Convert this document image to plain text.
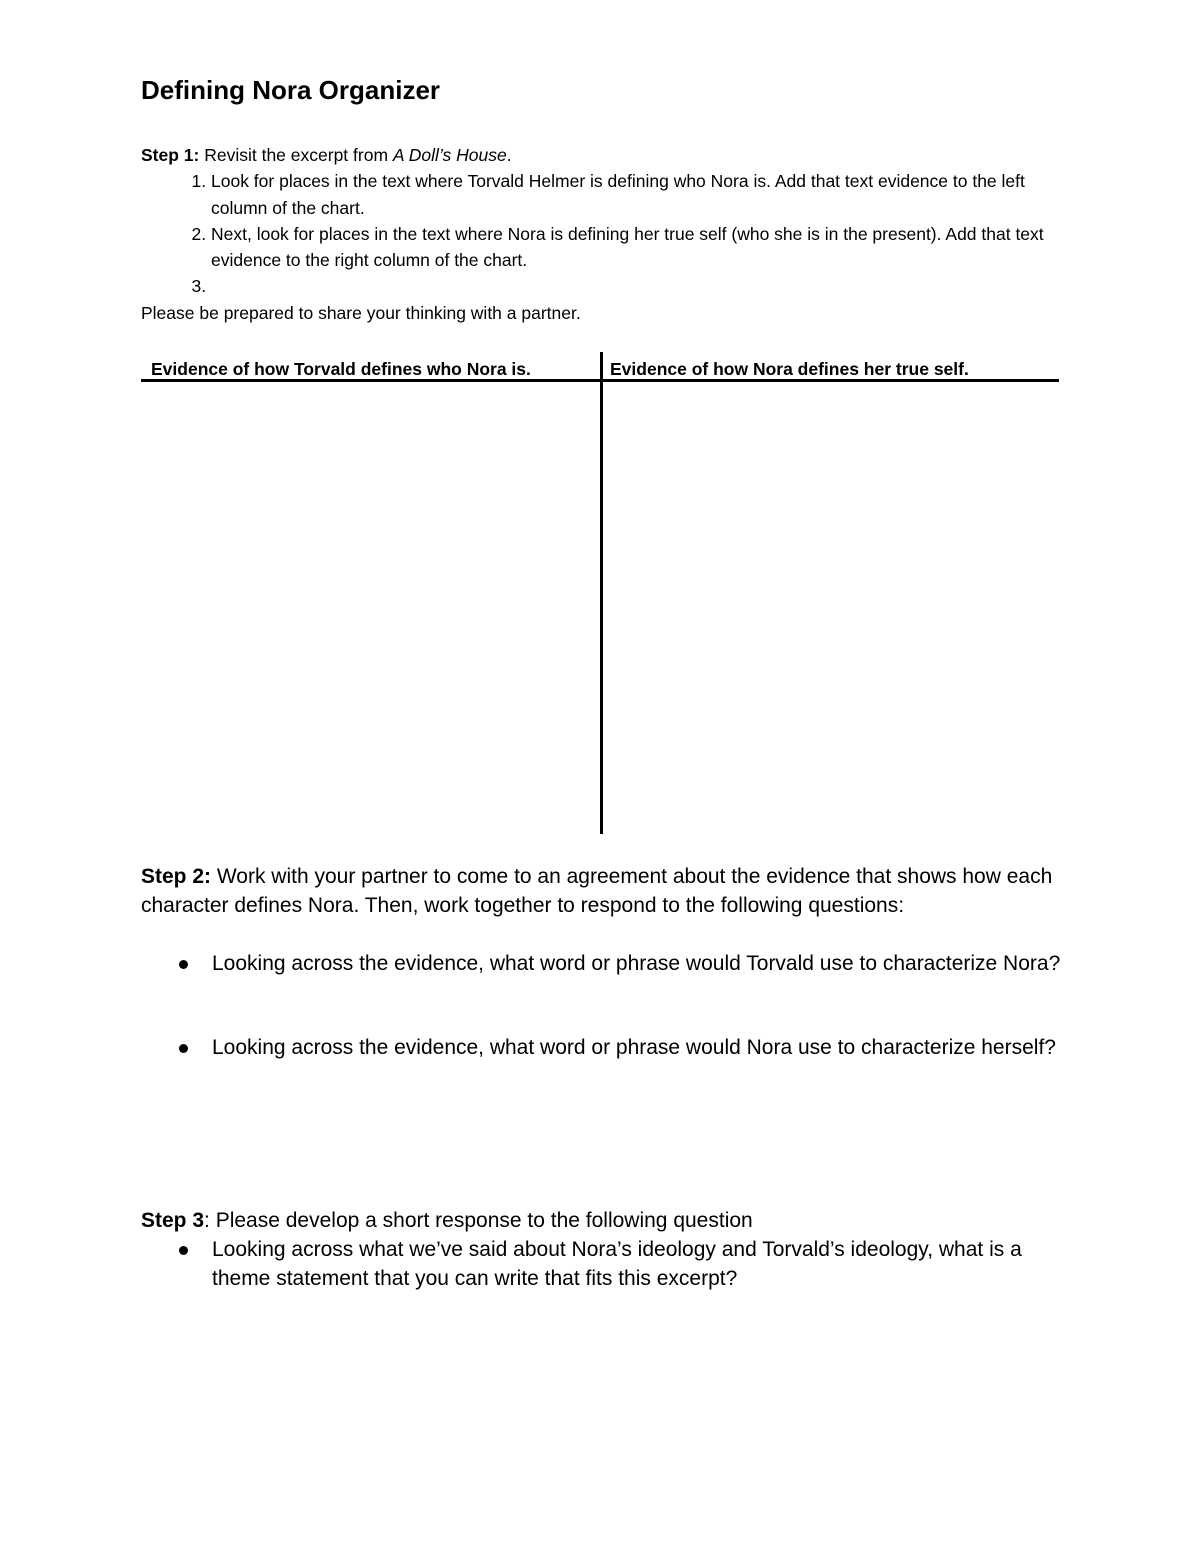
Defining Nora Organizer

Step 1: Revisit the excerpt from A Doll’s House.

1. Look for places in the text where Torvald Helmer is defining who Nora is. Add that text evidence to the left column of the chart.
2. Next, look for places in the text where Nora is defining her true self (who she is in the present). Add that text evidence to the right column of the chart.
3.

Please be prepared to share your thinking with a partner.

Evidence of how Torvald defines who Nora is.	Evidence of how Nora defines her true self.

Step 2: Work with your partner to come to an agreement about the evidence that shows how each character defines Nora. Then, work together to respond to the following questions:

Looking across the evidence, what word or phrase would Torvald use to characterize Nora?
Looking across the evidence, what word or phrase would Nora use to characterize herself?

Step 3: Please develop a short response to the following question

Looking across what we’ve said about Nora’s ideology and Torvald’s ideology, what is a theme statement that you can write that fits this excerpt?
